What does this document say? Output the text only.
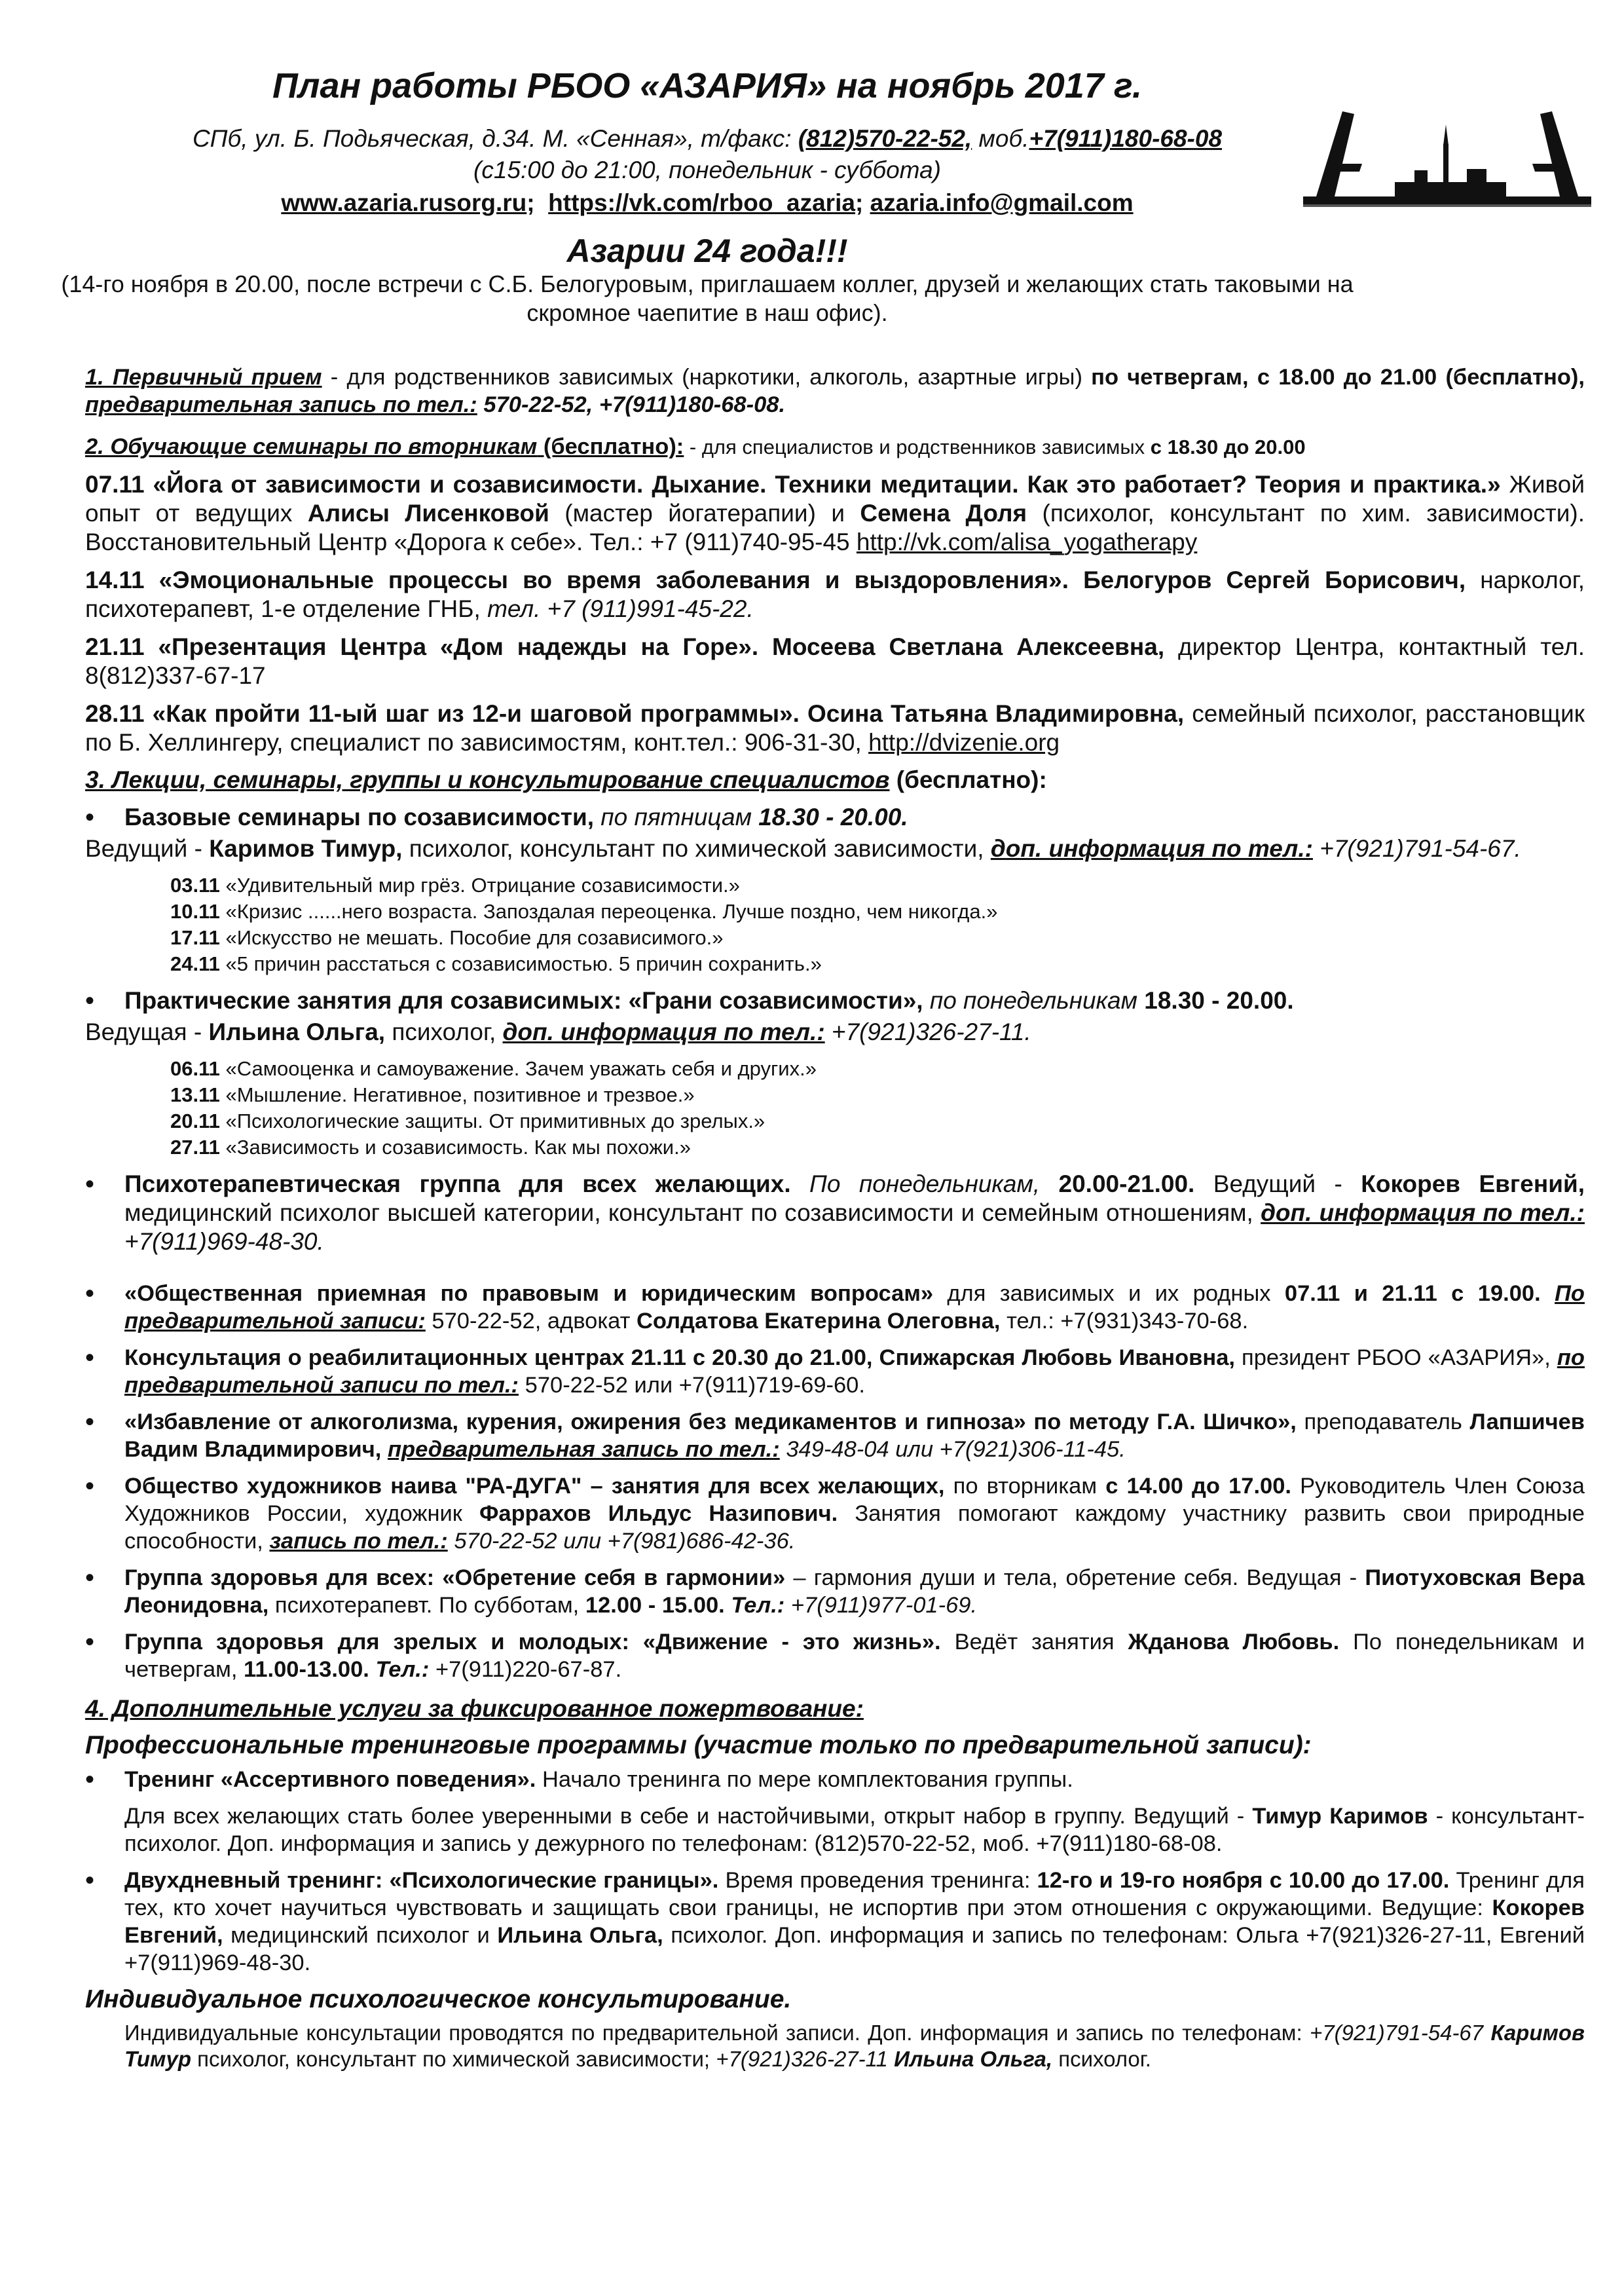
План работы РБОО «АЗАРИЯ» на ноябрь 2017 г.
СПб, ул. Б. Подьяческая, д.34. М. «Сенная», т/факс: (812)570-22-52, моб.+7(911)180-68-08
(с15:00 до 21:00, понедельник - суббота)
www.azaria.rusorg.ru; https://vk.com/rboo_azaria; azaria.info@gmail.com
Азарии 24 года!!!
(14-го ноября в 20.00, после встречи с С.Б. Белогуровым, приглашаем коллег, друзей и желающих стать таковыми на скромное чаепитие в наш офис).
1. Первичный прием - для родственников зависимых (наркотики, алкоголь, азартные игры) по четвергам, с 18.00 до 21.00 (бесплатно), предварительная запись по тел.: 570-22-52, +7(911)180-68-08.
2. Обучающие семинары по вторникам (бесплатно): - для специалистов и родственников зависимых с 18.30 до 20.00
07.11 «Йога от зависимости и созависимости. Дыхание. Техники медитации. Как это работает? Теория и практика.» Живой опыт от ведущих Алисы Лисенковой (мастер йогатерапии) и Семена Доля (психолог, консультант по хим. зависимости). Восстановительный Центр «Дорога к себе». Тел.: +7 (911)740-95-45 http://vk.com/alisa_yogatherapy
14.11 «Эмоциональные процессы во время заболевания и выздоровления». Белогуров Сергей Борисович, нарколог, психотерапевт, 1-е отделение ГНБ, тел. +7 (911)991-45-22.
21.11 «Презентация Центра «Дом надежды на Горе». Мосеева Светлана Алексеевна, директор Центра, контактный тел. 8(812)337-67-17
28.11 «Как пройти 11-ый шаг из 12-и шаговой программы». Осина Татьяна Владимировна, семейный психолог, расстановщик по Б. Хеллингеру, специалист по зависимостям, конт.тел.: 906-31-30, http://dvizenie.org
3. Лекции, семинары, группы и консультирование специалистов (бесплатно):
• Базовые семинары по созависимости, по пятницам 18.30 - 20.00.
Ведущий - Каримов Тимур, психолог, консультант по химической зависимости, доп. информация по тел.: +7(921)791-54-67.
03.11 «Удивительный мир грёз. Отрицание созависимости.»
10.11 «Кризис ......него возраста. Запоздалая переоценка. Лучше поздно, чем никогда.»
17.11 «Искусство не мешать. Пособие для созависимого.»
24.11 «5 причин расстаться с созависимостью. 5 причин сохранить.»
• Практические занятия для созависимых: «Грани созависимости», по понедельникам 18.30 - 20.00.
Ведущая - Ильина Ольга, психолог, доп. информация по тел.: +7(921)326-27-11.
06.11 «Самооценка и самоуважение. Зачем уважать себя и других.»
13.11 «Мышление. Негативное, позитивное и трезвое.»
20.11 «Психологические защиты. От примитивных до зрелых.»
27.11 «Зависимость и созависимость. Как мы похожи.»
• Психотерапевтическая группа для всех желающих. По понедельникам, 20.00-21.00. Ведущий - Кокорев Евгений, медицинский психолог высшей категории, консультант по созависимости и семейным отношениям, доп. информация по тел.: +7(911)969-48-30.
• «Общественная приемная по правовым и юридическим вопросам» для зависимых и их родных 07.11 и 21.11 с 19.00. По предварительной записи: 570-22-52, адвокат Солдатова Екатерина Олеговна, тел.: +7(931)343-70-68.
• Консультация о реабилитационных центрах 21.11 с 20.30 до 21.00, Спижарская Любовь Ивановна, президент РБОО «АЗАРИЯ», по предварительной записи по тел.: 570-22-52 или +7(911)719-69-60.
• «Избавление от алкоголизма, курения, ожирения без медикаментов и гипноза» по методу Г.А. Шичко», преподаватель Лапшичев Вадим Владимирович, предварительная запись по тел.: 349-48-04 или +7(921)306-11-45.
• Общество художников наива "РА-ДУГА" – занятия для всех желающих, по вторникам с 14.00 до 17.00. Руководитель Член Союза Художников России, художник Фаррахов Ильдус Назипович. Занятия помогают каждому участнику развить свои природные способности, запись по тел.: 570-22-52 или +7(981)686-42-36.
• Группа здоровья для всех: «Обретение себя в гармонии» – гармония души и тела, обретение себя. Ведущая - Пиотуховская Вера Леонидовна, психотерапевт. По субботам, 12.00 - 15.00. Тел.: +7(911)977-01-69.
• Группа здоровья для зрелых и молодых: «Движение - это жизнь». Ведёт занятия Жданова Любовь. По понедельникам и четвергам, 11.00-13.00. Тел.: +7(911)220-67-87.
4. Дополнительные услуги за фиксированное пожертвование:
Профессиональные тренинговые программы (участие только по предварительной записи):
• Тренинг «Ассертивного поведения». Начало тренинга по мере комплектования группы.
Для всех желающих стать более уверенными в себе и настойчивыми, открыт набор в группу. Ведущий - Тимур Каримов - консультант-психолог. Доп. информация и запись у дежурного по телефонам: (812)570-22-52, моб. +7(911)180-68-08.
• Двухдневный тренинг: «Психологические границы». Время проведения тренинга: 12-го и 19-го ноября с 10.00 до 17.00. Тренинг для тех, кто хочет научиться чувствовать и защищать свои границы, не испортив при этом отношения с окружающими. Ведущие: Кокорев Евгений, медицинский психолог и Ильина Ольга, психолог. Доп. информация и запись по телефонам: Ольга +7(921)326-27-11, Евгений +7(911)969-48-30.
Индивидуальное психологическое консультирование.
Индивидуальные консультации проводятся по предварительной записи. Доп. информация и запись по телефонам: +7(921)791-54-67 Каримов Тимур психолог, консультант по химической зависимости; +7(921)326-27-11 Ильина Ольга, психолог.
